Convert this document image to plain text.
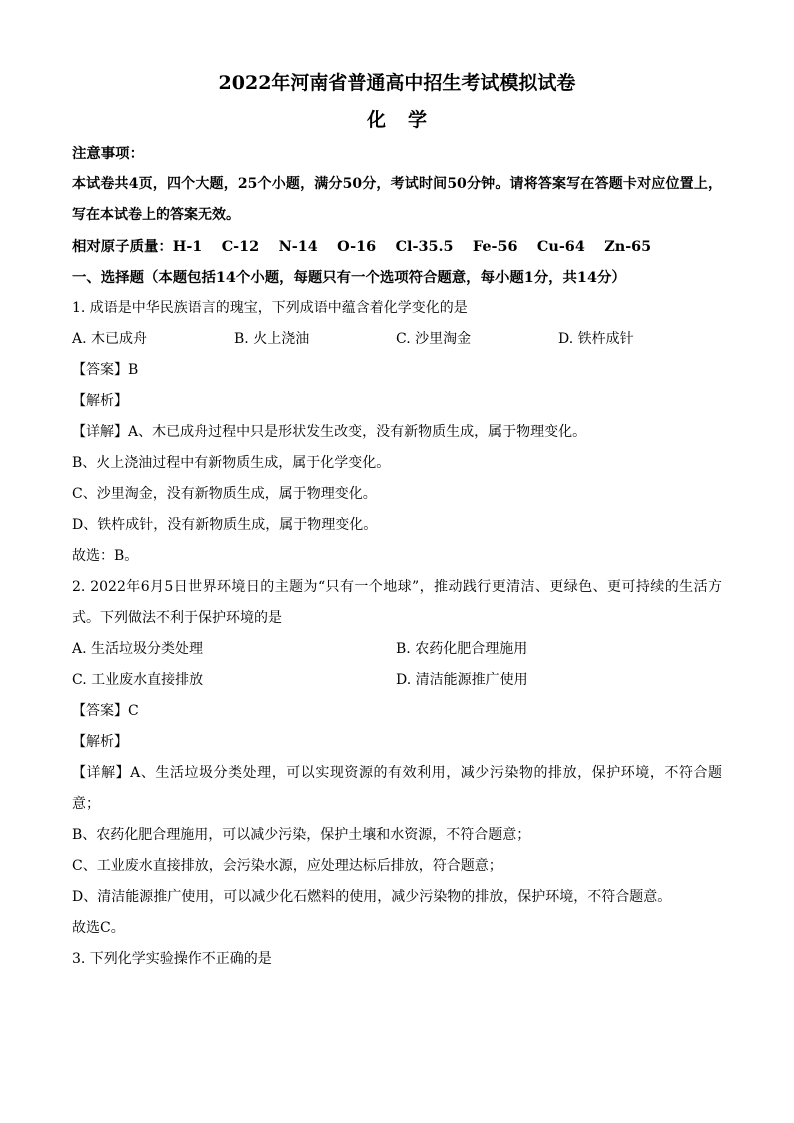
2022年河南省普通高中招生考试模拟试卷
化学
注意事项：
本试卷共4页，四个大题，25个小题，满分50分，考试时间50分钟。请将答案写在答题卡对应位置上，写在本试卷上的答案无效。
相对原子质量：H-1　 C-12　 N-14　 O-16　 Cl-35.5　 Fe-56　 Cu-64　 Zn-65
一、选择题（本题包括14个小题，每题只有一个选项符合题意，每小题1分，共14分）
1. 成语是中华民族语言的瑰宝，下列成语中蕴含着化学变化的是
A. 木已成舟	B. 火上浇油	C. 沙里淘金	D. 铁杵成针
【答案】B
【解析】
【详解】A、木已成舟过程中只是形状发生改变，没有新物质生成，属于物理变化。
B、火上浇油过程中有新物质生成，属于化学变化。
C、沙里淘金，没有新物质生成，属于物理变化。
D、铁杵成针，没有新物质生成，属于物理变化。
故选：B。
2. 2022年6月5日世界环境日的主题为“只有一个地球”，推动践行更清洁、更绿色、更可持续的生活方式。下列做法不利于保护环境的是
A. 生活垃圾分类处理	B. 农药化肥合理施用
C. 工业废水直接排放	D. 清洁能源推广使用
【答案】C
【解析】
【详解】A、生活垃圾分类处理，可以实现资源的有效利用，减少污染物的排放，保护环境，不符合题意；
B、农药化肥合理施用，可以减少污染，保护土壤和水资源，不符合题意；
C、工业废水直接排放，会污染水源，应处理达标后排放，符合题意；
D、清洁能源推广使用，可以减少化石燃料的使用，减少污染物的排放，保护环境，不符合题意。
故选C。
3. 下列化学实验操作不正确的是
